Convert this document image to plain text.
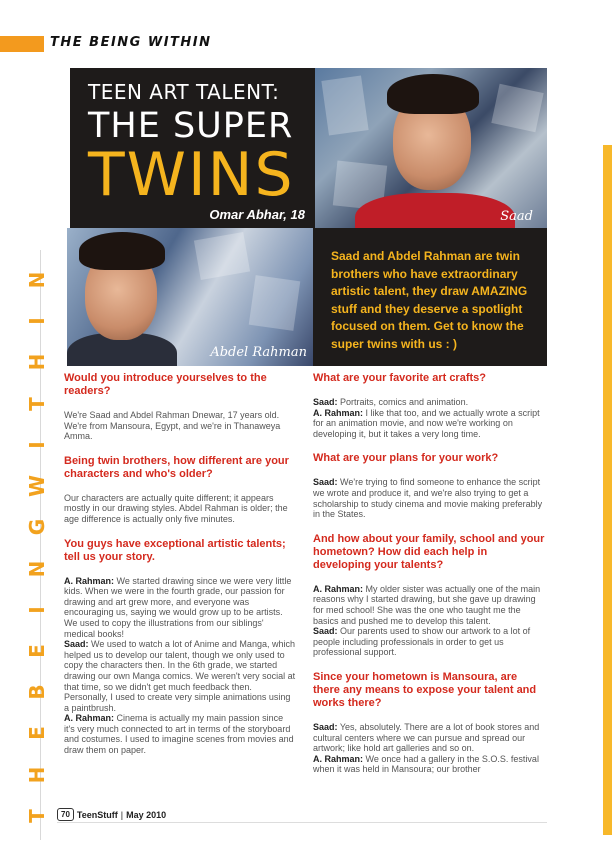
THE BEING WITHIN
N
I
H
T
I
W
G
N
I
E
B
E
H
T
TEEN ART TALENT:
THE SUPER
TWINS
Omar Abhar, 18	Saad
Abdel Rahman

Saad and Abdel Rahman are twin brothers who have extraordinary artistic talent, they draw AMAZING stuff and they deserve a spotlight focused on them. Get to know the super twins with us : )

Would you introduce yourselves to the readers?
We're Saad and Abdel Rahman Dnewar, 17 years old. We're from Mansoura, Egypt, and we're in Thanaweya Amma.
Being twin brothers, how different are your characters and who's older?
Our characters are actually quite different; it appears mostly in our drawing styles. Abdel Rahman is older; the age difference is actually only five minutes.
You guys have exceptional artistic talents; tell us your story.
A. Rahman: We started drawing since we were very little kids. When we were in the fourth grade, our passion for drawing and art grew more, and everyone was encouraging us, saying we would grow up to be artists. We used to copy the illustrations from our siblings' medical books!
Saad: We used to watch a lot of Anime and Manga, which helped us to develop our talent, though we only used to copy the characters then. In the 6th grade, we started drawing our own Manga comics. We weren't very social at that time, so we didn't get much feedback then. Personally, I used to create very simple animations using a paintbrush.
A. Rahman: Cinema is actually my main passion since it's very much connected to art in terms of the storyboard and costumes. I used to imagine scenes from movies and draw them on paper.
What are your favorite art crafts?
Saad: Portraits, comics and animation.
A. Rahman: I like that too, and we actually wrote a script for an animation movie, and now we're working on developing it, but it takes a very long time.
What are your plans for your work?
Saad: We're trying to find someone to enhance the script we wrote and produce it, and we're also trying to get a scholarship to study cinema and movie making preferably in the States.
And how about your family, school and your hometown? How did each help in developing your talents?
A. Rahman: My older sister was actually one of the main reasons why I started drawing, but she gave up drawing for med school! She was the one who taught me the basics and pushed me to develop this talent.
Saad: Our parents used to show our artwork to a lot of people including professionals in order to get us professional support.
Since your hometown is Mansoura, are there any means to expose your talent and works there?
Saad: Yes, absolutely. There are a lot of book stores and cultural centers where we can pursue and spread our artwork; like hold art galleries and so on.
A. Rahman: We once had a gallery in the S.O.S. festival when it was held in Mansoura; our brother
70 TeenStuff | May 2010
